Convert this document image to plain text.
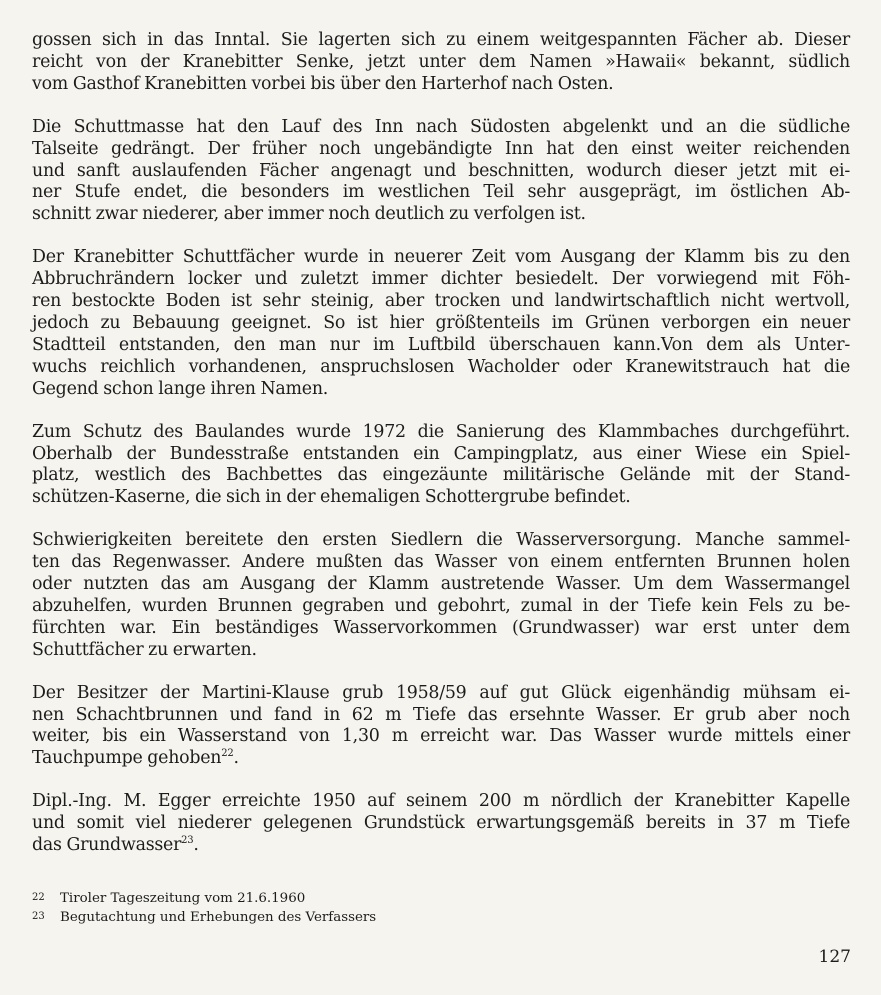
gossen sich in das Inntal. Sie lagerten sich zu einem weitgespannten Fächer ab. Dieser
reicht von der Kranebitter Senke, jetzt unter dem Namen »Hawaii« bekannt, südlich
vom Gasthof Kranebitten vorbei bis über den Harterhof nach Osten.

Die Schuttmasse hat den Lauf des Inn nach Südosten abgelenkt und an die südliche
Talseite gedrängt. Der früher noch ungebändigte Inn hat den einst weiter reichenden
und sanft auslaufenden Fächer angenagt und beschnitten, wodurch dieser jetzt mit ei-
ner Stufe endet, die besonders im westlichen Teil sehr ausgeprägt, im östlichen Ab-
schnitt zwar niederer, aber immer noch deutlich zu verfolgen ist.

Der Kranebitter Schuttfächer wurde in neuerer Zeit vom Ausgang der Klamm bis zu den
Abbruchrändern locker und zuletzt immer dichter besiedelt. Der vorwiegend mit Föh-
ren bestockte Boden ist sehr steinig, aber trocken und landwirtschaftlich nicht wertvoll,
jedoch zu Bebauung geeignet. So ist hier größtenteils im Grünen verborgen ein neuer
Stadtteil entstanden, den man nur im Luftbild überschauen kann.Von dem als Unter-
wuchs reichlich vorhandenen, anspruchslosen Wacholder oder Kranewitstrauch hat die
Gegend schon lange ihren Namen.

Zum Schutz des Baulandes wurde 1972 die Sanierung des Klammbaches durchgeführt.
Oberhalb der Bundesstraße entstanden ein Campingplatz, aus einer Wiese ein Spiel-
platz, westlich des Bachbettes das eingezäunte militärische Gelände mit der Stand-
schützen-Kaserne, die sich in der ehemaligen Schottergrube befindet.

Schwierigkeiten bereitete den ersten Siedlern die Wasserversorgung. Manche sammel-
ten das Regenwasser. Andere mußten das Wasser von einem entfernten Brunnen holen
oder nutzten das am Ausgang der Klamm austretende Wasser. Um dem Wassermangel
abzuhelfen, wurden Brunnen gegraben und gebohrt, zumal in der Tiefe kein Fels zu be-
fürchten war. Ein beständiges Wasservorkommen (Grundwasser) war erst unter dem
Schuttfächer zu erwarten.

Der Besitzer der Martini-Klause grub 1958/59 auf gut Glück eigenhändig mühsam ei-
nen Schachtbrunnen und fand in 62 m Tiefe das ersehnte Wasser. Er grub aber noch
weiter, bis ein Wasserstand von 1,30 m erreicht war. Das Wasser wurde mittels einer
Tauchpumpe gehoben$^{22}$.

Dipl.-Ing. M. Egger erreichte 1950 auf seinem 200 m nördlich der Kranebitter Kapelle
und somit viel niederer gelegenen Grundstück erwartungsgemäß bereits in 37 m Tiefe
das Grundwasser$^{23}$.

22 Tiroler Tageszeitung vom 21.6.1960
23 Begutachtung und Erhebungen des Verfassers
127
